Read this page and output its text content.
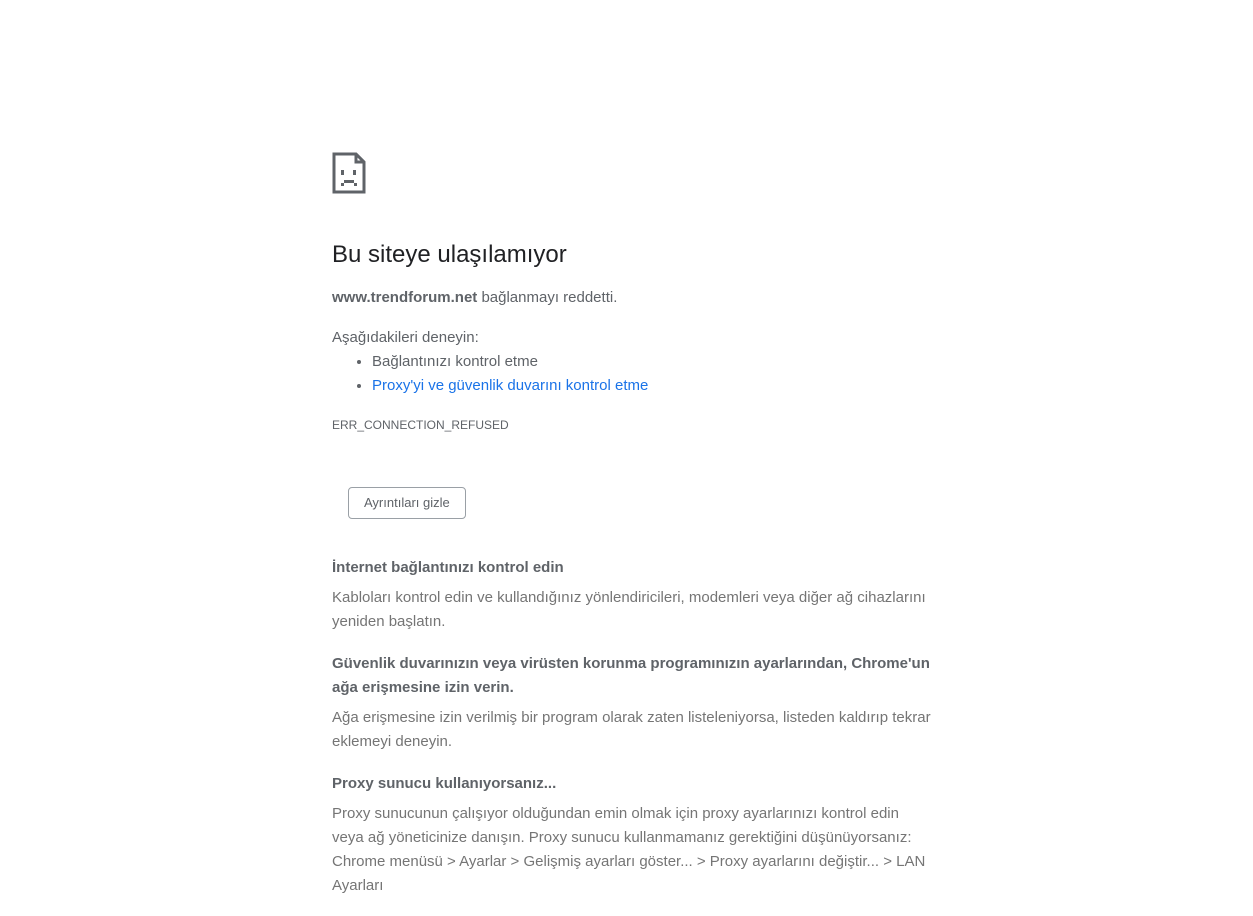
Bu siteye ulaşılamıyor
www.trendforum.net bağlanmayı reddetti.
Aşağıdakileri deneyin:
• Bağlantınızı kontrol etme
• Proxy'yi ve güvenlik duvarını kontrol etme
ERR_CONNECTION_REFUSED
Ayrıntıları gizle
İnternet bağlantınızı kontrol edin

Kabloları kontrol edin ve kullandığınız yönlendiricileri, modemleri veya diğer ağ cihazlarını yeniden başlatın.

Güvenlik duvarınızın veya virüsten korunma programınızın ayarlarından, Chrome'un ağa erişmesine izin verin.

Ağa erişmesine izin verilmiş bir program olarak zaten listeleniyorsa, listeden kaldırıp tekrar eklemeyi deneyin.

Proxy sunucu kullanıyorsanız...

Proxy sunucunun çalışıyor olduğundan emin olmak için proxy ayarlarınızı kontrol edin veya ağ yöneticinize danışın. Proxy sunucu kullanmamanız gerektiğini düşünüyorsanız: Chrome menüsü > Ayarlar > Gelişmiş ayarları göster... > Proxy ayarlarını değiştir... > LAN Ayarları
